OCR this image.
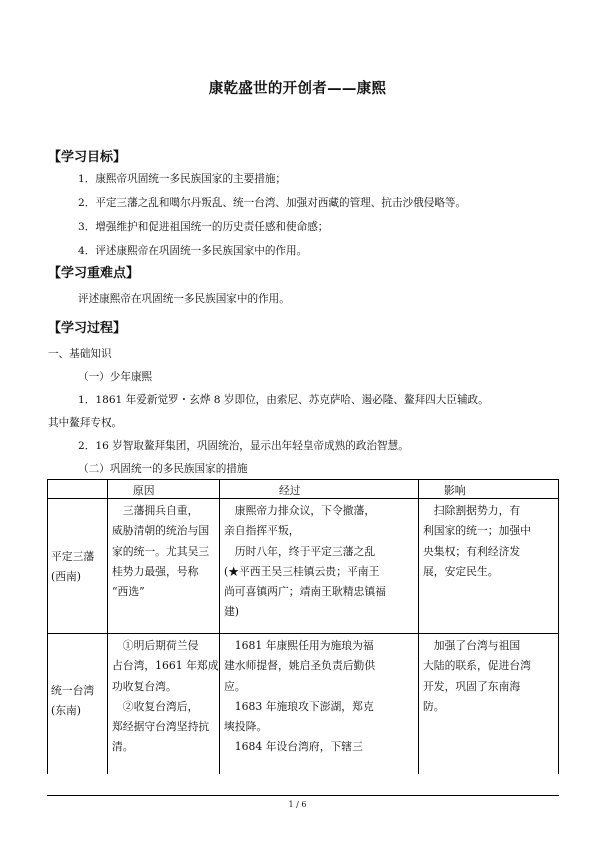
康乾盛世的开创者——康熙
【学习目标】
1．康熙帝巩固统一多民族国家的主要措施；
2．平定三藩之乱和噶尔丹叛乱、统一台湾、加强对西藏的管理、抗击沙俄侵略等。
3．增强维护和促进祖国统一的历史责任感和使命感；
4．评述康熙帝在巩固统一多民族国家中的作用。
【学习重难点】
评述康熙帝在巩固统一多民族国家中的作用。
【学习过程】
一、基础知识
（一）少年康熙
1．1861 年爱新觉罗・玄烨 8 岁即位，由索尼、苏克萨哈、遏必隆、鳌拜四大臣辅政。
其中鳌拜专权。
2．16 岁智取鳌拜集团，巩固统治，显示出年轻皇帝成熟的政治智慧。
（二）巩固统一的多民族国家的措施
原因	经过	影响
平定三藩
(西南)
　三藩拥兵自重，
威胁清朝的统治与国
家的统一。尤其吴三
桂势力最强，号称
“西选”
　康熙帝力排众议，下令撤藩，
亲自指挥平叛，
　历时八年，终于平定三藩之乱
(★平西王吴三桂镇云贵；平南王
尚可喜镇两广；靖南王耿精忠镇福
建)
　扫除割据势力，有
利国家的统一；加强中
央集权；有利经济发
展，安定民生。
统一台湾
(东南)
　①明后期荷兰侵
占台湾，1661 年郑成
功收复台湾。
　②收复台湾后，
郑经据守台湾坚持抗
清。
　1681 年康熙任用为施琅为福
建水师提督，姚启圣负责后勤供
应。
　1683 年施琅攻下澎湖，郑克
塽投降。
　1684 年设台湾府，下辖三
　加强了台湾与祖国
大陆的联系，促进台湾
开发，巩固了东南海
防。
1 / 6
